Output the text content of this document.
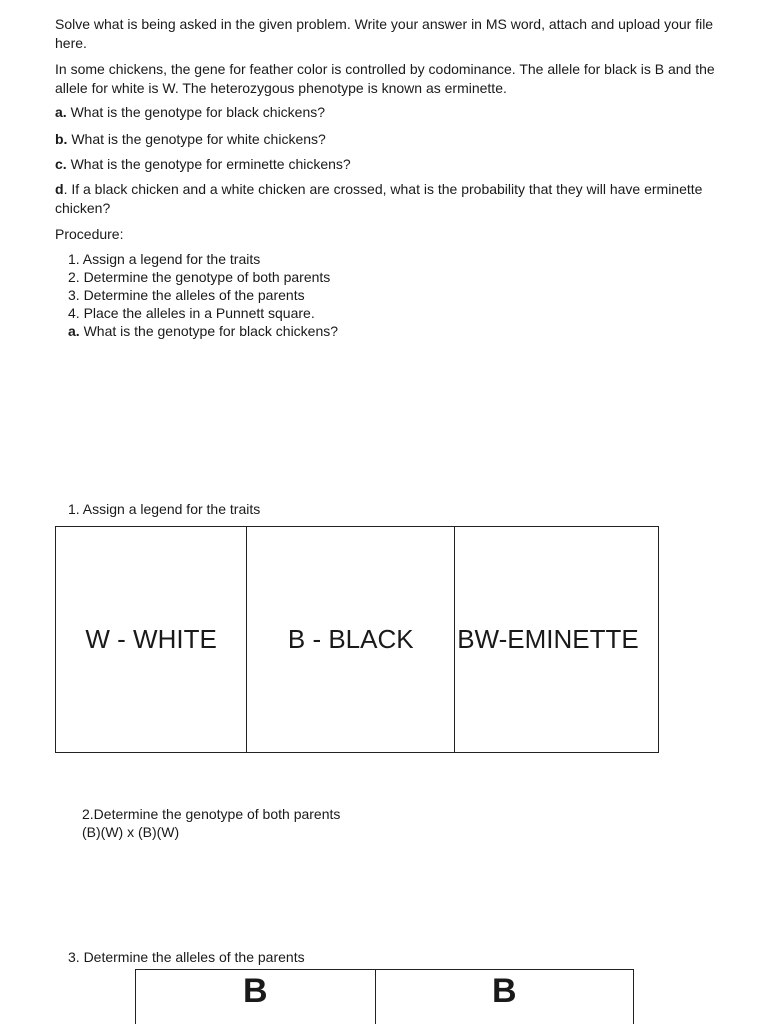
Solve what is being asked in the given problem. Write your answer in MS word, attach and upload your file here.
In some chickens, the gene for feather color is controlled by codominance. The allele for black is B and the allele for white is W. The heterozygous phenotype is known as erminette.
a. What is the genotype for black chickens?
b. What is the genotype for white chickens?
c. What is the genotype for erminette chickens?
d. If a black chicken and a white chicken are crossed, what is the probability that they will have erminette chicken?
Procedure:
1. Assign a legend for the traits
2. Determine the genotype of both parents
3. Determine the alleles of the parents
4. Place the alleles in a Punnett square.
a. What is the genotype for black chickens?
1. Assign a legend for the traits
W - WHITE	B - BLACK	BW-EMINETTE
2.Determine the genotype of both parents
(B)(W) x (B)(W)
3. Determine the alleles of the parents
B	B
